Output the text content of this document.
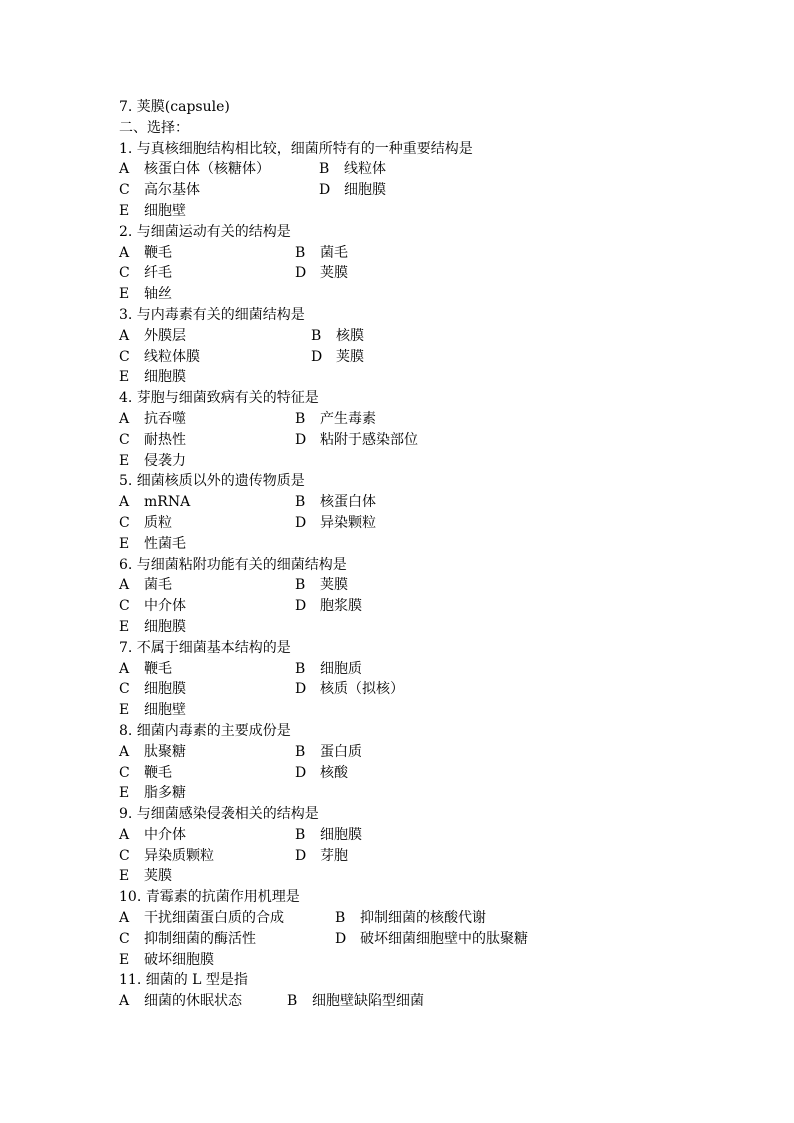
7. 荚膜(capsule)
二、选择：
1. 与真核细胞结构相比较，细菌所特有的一种重要结构是
A 核蛋白体（核糖体）	B 线粒体
C 高尔基体	D 细胞膜
E 细胞壁
2. 与细菌运动有关的结构是
A 鞭毛	B 菌毛
C 纤毛	D 荚膜
E 轴丝
3. 与内毒素有关的细菌结构是
A 外膜层	B 核膜
C 线粒体膜	D 荚膜
E 细胞膜
4. 芽胞与细菌致病有关的特征是
A 抗吞噬	B 产生毒素
C 耐热性	D 粘附于感染部位
E 侵袭力
5. 细菌核质以外的遗传物质是
A mRNA	B 核蛋白体
C 质粒	D 异染颗粒
E 性菌毛
6. 与细菌粘附功能有关的细菌结构是
A 菌毛	B 荚膜
C 中介体	D 胞浆膜
E 细胞膜
7. 不属于细菌基本结构的是
A 鞭毛	B 细胞质
C 细胞膜	D 核质（拟核）
E 细胞壁
8. 细菌内毒素的主要成份是
A 肽聚糖	B 蛋白质
C 鞭毛	D 核酸
E 脂多糖
9. 与细菌感染侵袭相关的结构是
A 中介体	B 细胞膜
C 异染质颗粒	D 芽胞
E 荚膜
10. 青霉素的抗菌作用机理是
A 干扰细菌蛋白质的合成	B 抑制细菌的核酸代谢
C 抑制细菌的酶活性	D 破坏细菌细胞壁中的肽聚糖
E 破坏细胞膜
11. 细菌的 L 型是指
A 细菌的休眠状态	B 细胞壁缺陷型细菌
